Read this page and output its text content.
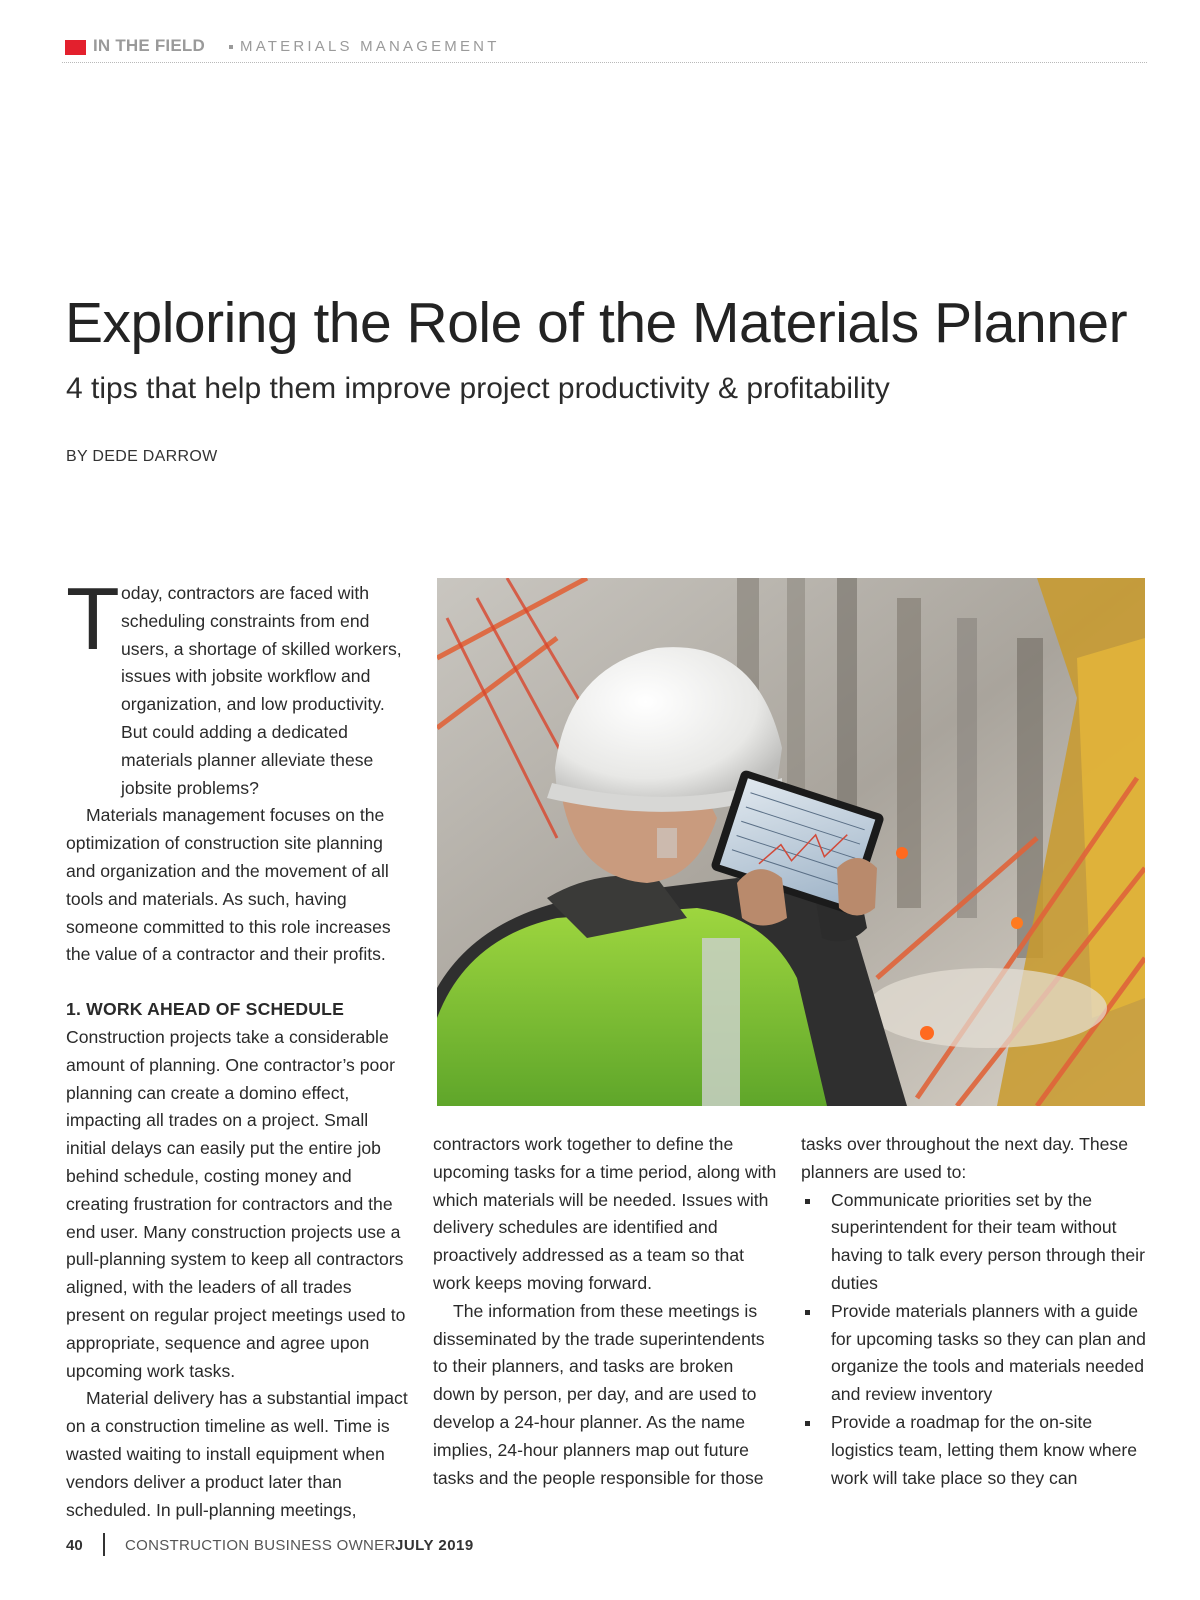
IN THE FIELD MATERIALS MANAGEMENT
Exploring the Role of the Materials Planner
4 tips that help them improve project productivity & profitability
BY DEDE DARROW
T oday, contractors are faced with scheduling constraints from end users, a shortage of skilled workers, issues with jobsite workflow and organization, and low productivity. But could adding a dedicated materials planner alleviate these jobsite problems?

Materials management focuses on the optimization of construction site planning and organization and the movement of all tools and materials. As such, having someone committed to this role increases the value of a contractor and their profits.

1. WORK AHEAD OF SCHEDULE

Construction projects take a considerable amount of planning. One contractor’s poor planning can create a domino effect, impacting all trades on a project. Small initial delays can easily put the entire job behind schedule, costing money and creating frustration for contractors and the end user. Many construction projects use a pull-planning system to keep all contractors aligned, with the leaders of all trades present on regular project meetings used to appropriate, sequence and agree upon upcoming work tasks.

Material delivery has a substantial impact on a construction timeline as well. Time is wasted waiting to install equipment when vendors deliver a product later than scheduled. In pull-planning meetings,

contractors work together to define the upcoming tasks for a time period, along with which materials will be needed. Issues with delivery schedules are identified and proactively addressed as a team so that work keeps moving forward.

The information from these meetings is disseminated by the trade superintendents to their planners, and tasks are broken down by person, per day, and are used to develop a 24-hour planner. As the name implies, 24-hour planners map out future tasks and the people responsible for those

tasks over throughout the next day. These planners are used to:

Communicate priorities set by the superintendent for their team without having to talk every person through their duties
Provide materials planners with a guide for upcoming tasks so they can plan and organize the tools and materials needed and review inventory
Provide a roadmap for the on-site logistics team, letting them know where work will take place so they can
40	CONSTRUCTION BUSINESS OWNER JULY 2019
